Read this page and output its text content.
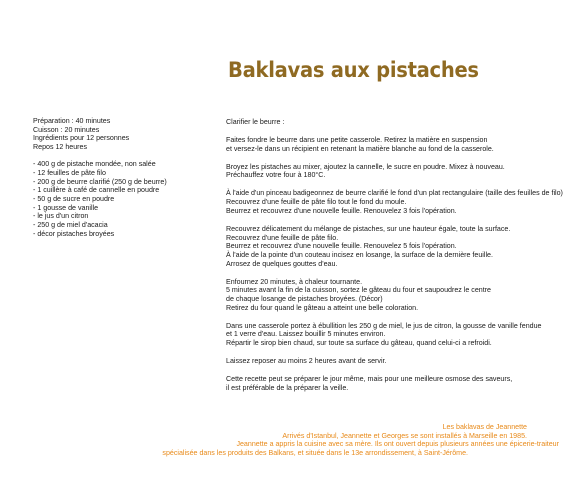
Baklavas aux pistaches
Préparation : 40 minutes
Cuisson : 20 minutes
Ingrédients pour 12 personnes
Repos 12 heures
- 400 g de pistache mondée, non salée
- 12 feuilles de pâte filo
- 200 g de beurre clarifié (250 g de beurre)
- 1 cuillère à café de cannelle en poudre
- 50 g de sucre en poudre
- 1 gousse de vanille
- le jus d'un citron
- 250 g de miel d'acacia
- décor pistaches broyées
Clarifier le beurre :
Faites fondre le beurre dans une petite casserole. Retirez la matière en suspension
et versez-le dans un récipient en retenant la matière blanche au fond de la casserole.
Broyez les pistaches au mixer, ajoutez la cannelle, le sucre en poudre. Mixez à nouveau.
Préchauffez votre four à 180°C.
À l'aide d'un pinceau badigeonnez de beurre clarifié le fond d'un plat rectangulaire (taille des feuilles de filo)
Recouvrez d'une feuille de pâte filo tout le fond du moule.
Beurrez et recouvrez d'une nouvelle feuille. Renouvelez 3 fois l'opération.
Recouvrez délicatement du mélange de pistaches, sur une hauteur égale, toute la surface.
Recouvrez d'une feuille de pâte filo.
Beurrez et recouvrez d'une nouvelle feuille. Renouvelez 5 fois l'opération.
À l'aide de la pointe d'un couteau incisez en losange, la surface de la dernière feuille.
Arrosez de quelques gouttes d'eau.
Enfournez 20 minutes, à chaleur tournante.
5 minutes avant la fin de la cuisson, sortez le gâteau du four et saupoudrez le centre
de chaque losange de pistaches broyées. (Décor)
Retirez du four quand le gâteau a atteint une belle coloration.
Dans une casserole portez à ébullition les 250 g de miel, le jus de citron, la gousse de vanille fendue
et 1 verre d'eau. Laissez bouillir 5 minutes environ.
Répartir le sirop bien chaud, sur toute sa surface du gâteau, quand celui-ci a refroidi.
Laissez reposer au moins 2 heures avant de servir.
Cette recette peut se préparer le jour même, mais pour une meilleure osmose des saveurs,
il est préférable de la préparer la veille.
Les baklavas de Jeannette
Arrivés d'Istanbul, Jeannette et Georges se sont installés à Marseille en 1985.
Jeannette a appris la cuisine avec sa mère. Ils ont ouvert depuis plusieurs années une épicerie-traiteur
spécialisée dans les produits des Balkans, et située dans le 13e arrondissement, à Saint-Jérôme.
